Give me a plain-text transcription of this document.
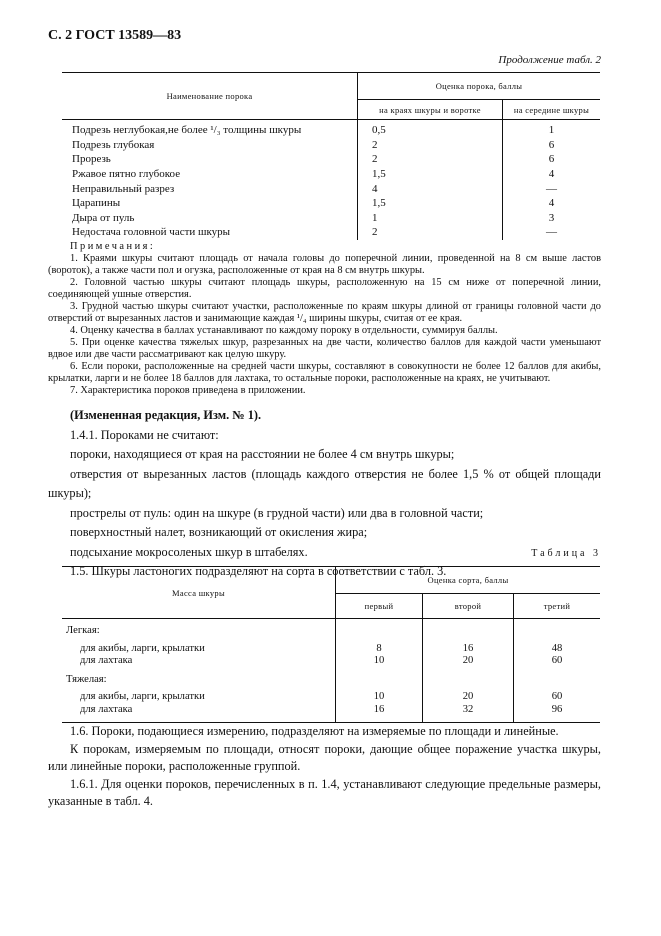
С. 2 ГОСТ 13589—83
Продолжение табл. 2
Наименование порока	Оценка порока, баллы	
	на краях шкуры и воротке	на середине шкуры
Подрезь неглубокая,не более ¹/₃ толщины шкуры	0,5	1
Подрезь глубокая	2	6
Прорезь	2	6
Ржавое пятно глубокое	1,5	4
Неправильный разрез	4	—
Царапины	1,5	4
Дыра от пуль	1	3
Недостача головной части шкуры	2	—

Примечания:

1. Краями шкуры считают площадь от начала головы до поперечной линии, проведенной на 8 см выше ластов (вороток), а также части пол и огузка, расположенные от края на 8 см внутрь шкуры.

2. Головной частью шкуры считают площадь шкуры, расположенную на 15 см ниже от поперечной линии, соединяющей ушные отверстия.

3. Грудной частью шкуры считают участки, расположенные по краям шкуры длиной от границы головной части до отверстий от вырезанных ластов и занимающие каждая ¹/₄ ширины шкуры, считая от ее края.

4. Оценку качества в баллах устанавливают по каждому пороку в отдельности, суммируя баллы.

5. При оценке качества тяжелых шкур, разрезанных на две части, количество баллов для каждой части уменьшают вдвое или две части рассматривают как целую шкуру.

6. Если пороки, расположенные на средней части шкуры, составляют в совокупности не более 12 баллов для акибы, крылатки, ларги и не более 18 баллов для лахтака, то остальные пороки, расположенные на краях, не учитывают.

7. Характеристика пороков приведена в приложении.

(Измененная редакция, Изм. № 1).

1.4.1. Пороками не считают:

пороки, находящиеся от края на расстоянии не более 4 см внутрь шкуры;

отверстия от вырезанных ластов (площадь каждого отверстия не более 1,5 % от общей площади шкуры);

прострелы от пуль: один на шкуре (в грудной части) или два в головной части;

поверхностный налет, возникающий от окисления жира;

подсыхание мокросоленых шкур в штабелях.

1.5. Шкуры ластоногих подразделяют на сорта в соответствии с табл. 3.

Таблица 3
Масса шкуры	Оценка сорта, баллы		
	первый	второй	третий
Легкая:			
для акибы, ларги, крылатки	8	16	48
для лахтака	10	20	60
Тяжелая:			
для акибы, ларги, крылатки	10	20	60
для лахтака	16	32	96

1.6. Пороки, подающиеся измерению, подразделяют на измеряемые по площади и линейные.

К порокам, измеряемым по площади, относят пороки, дающие общее поражение участка шкуры, или линейные пороки, расположенные группой.

1.6.1. Для оценки пороков, перечисленных в п. 1.4, устанавливают следующие предельные размеры, указанные в табл. 4.
